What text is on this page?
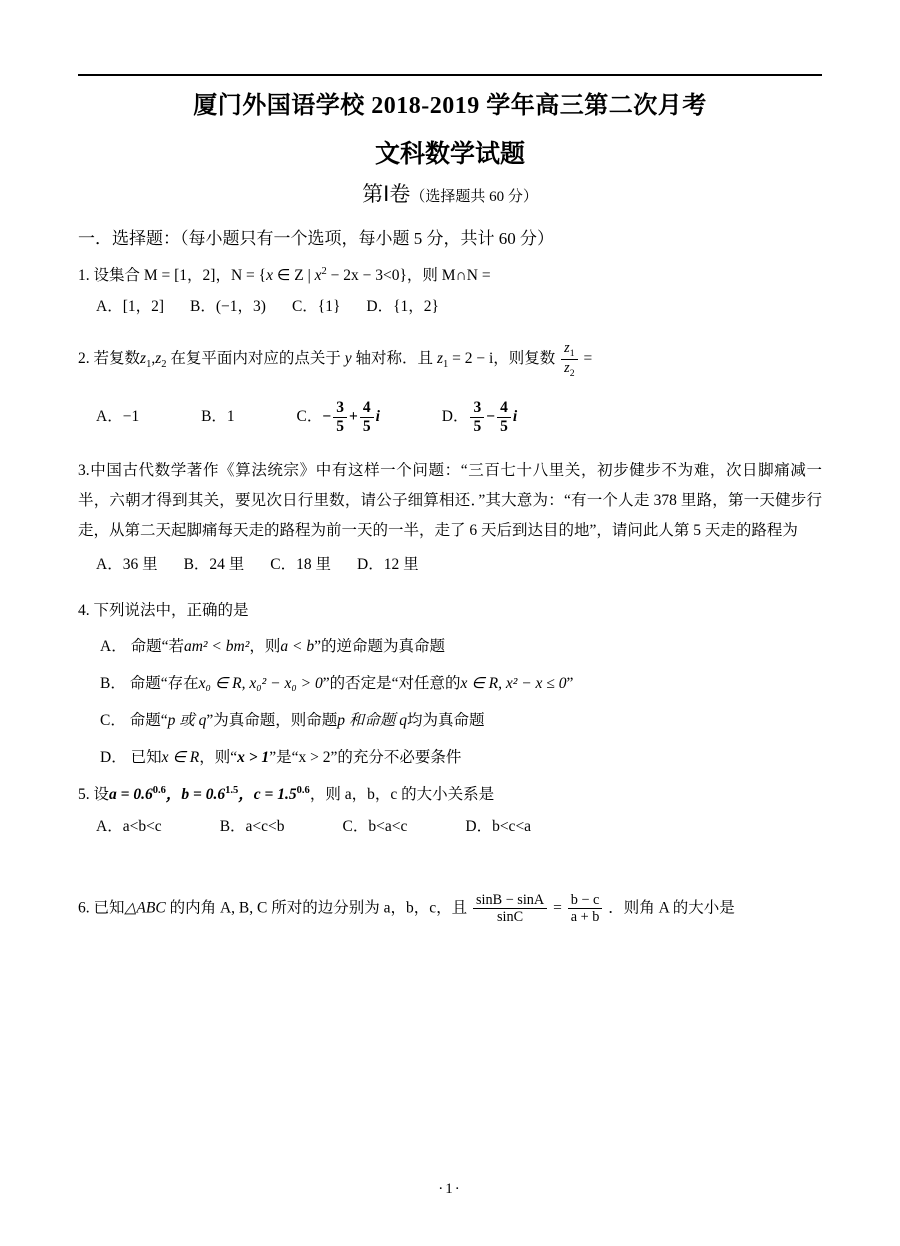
厦门外国语学校 2018-2019 学年高三第二次月考
文科数学试题
第Ⅰ卷（选择题共 60 分）
一．选择题：（每小题只有一个选项，每小题 5 分，共计 60 分）
1. 设集合 M = [1，2]，N = {x ∈ Z | $x^2 - 2x - 3<0$}，则 M∩N =
A．[1，2] B．(−1，3) C．{1} D．{1，2}
2. 若复数$z_1,z_2$ 在复平面内对应的点关于 y 轴对称．且 $z_1 = 2 - i$，则复数 $\frac{z_1}{z_2}$ =
A．−1	B．1	C．− $\frac{3}{5} + \frac{4}{5}$ i	D． $\frac{3}{5} - \frac{4}{5}$ i
3.中国古代数学著作《算法统宗》中有这样一个问题：“三百七十八里关，初步健步不为难，次日脚痛减一半，六朝才得到其关，要见次日行里数，请公子细算相还．”其大意为：“有一个人走 378 里路，第一天健步行走，从第二天起脚痛每天走的路程为前一天的一半，走了 6 天后到达目的地”，请问此人第 5 天走的路程为
A．36 里 B．24 里 C．18 里 D．12 里
4. 下列说法中，正确的是
A． 命题“若am² < bm²，则a < b”的逆命题为真命题
B． 命题“存在x₀ ∈ R, x₀² − x₀ > 0”的否定是“对任意的x ∈ R, x² − x ≤ 0”
C． 命题“p 或 q”为真命题，则命题p 和命题 q均为真命题
D． 已知x ∈ R，则“x > 1”是“x > 2”的充分不必要条件
5. 设$a = 0.6^{0.6}$，$b = 0.6^{1.5}$，$c = 1.5^{0.6}$，则 a，b，c 的大小关系是
A．a<b<c	B．a<c<b	C．b<a<c	D．b<c<a
6. 已知△ABC 的内角 A, B, C 所对的边分别为 a，b，c，且 $\frac{\sin B - \sin A}{\sin C} = \frac{b - c}{a + b}$ ．则角 A 的大小是
·1·
